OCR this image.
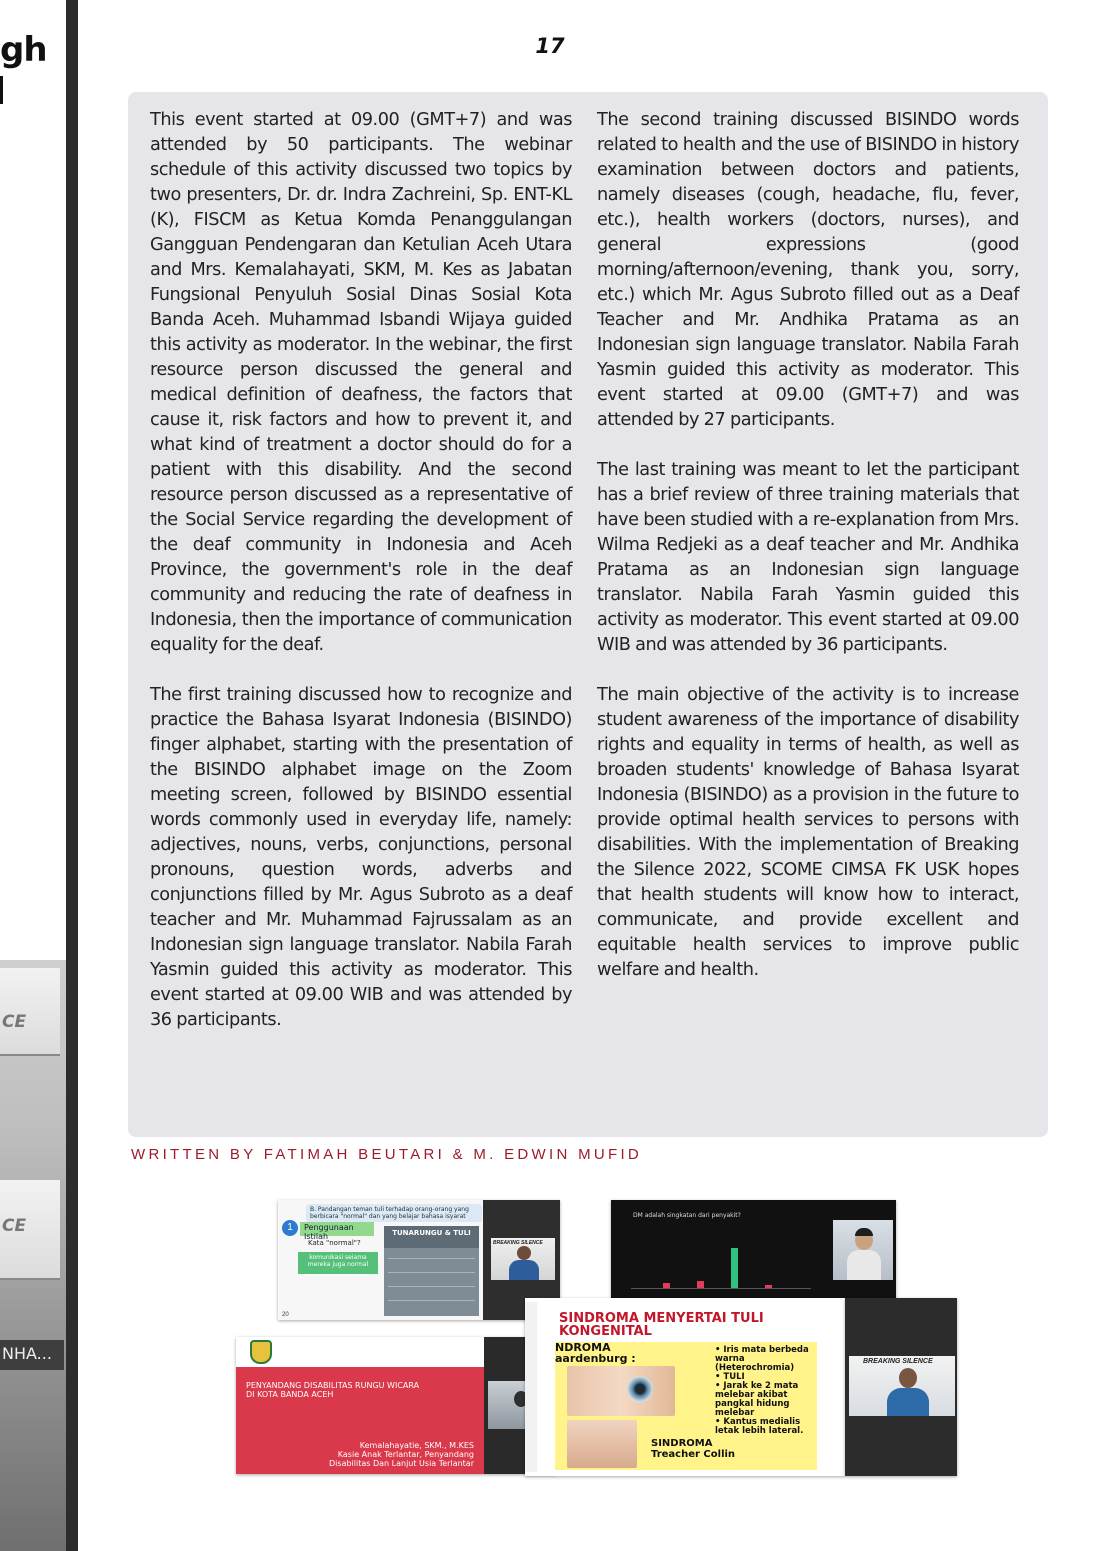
gh
CE
CE
NHA...
17

This event started at 09.00 (GMT+7) and was attended by 50 participants. The webinar schedule of this activity discussed two topics by two presenters, Dr. dr. Indra Zachreini, Sp. ENT-KL (K), FISCM as Ketua Komda Penanggulangan Gangguan Pendengaran dan Ketulian Aceh Utara and Mrs. Kemalahayati, SKM, M. Kes as Jabatan Fungsional Penyuluh Sosial Dinas Sosial Kota Banda Aceh. Muhammad Isbandi Wijaya guided this activity as moderator. In the webinar, the first resource person discussed the general and medical definition of deafness, the factors that cause it, risk factors and how to prevent it, and what kind of treatment a doctor should do for a patient with this disability. And the second resource person discussed as a representative of the Social Service regarding the development of the deaf community in Indonesia and Aceh Province, the government's role in the deaf community and reducing the rate of deafness in Indonesia, then the importance of communication equality for the deaf.

The first training discussed how to recognize and practice the Bahasa Isyarat Indonesia (BISINDO) finger alphabet, starting with the presentation of the BISINDO alphabet image on the Zoom meeting screen, followed by BISINDO essential words commonly used in everyday life, namely: adjectives, nouns, verbs, conjunctions, personal pronouns, question words, adverbs and conjunctions filled by Mr. Agus Subroto as a deaf teacher and Mr. Muhammad Fajrussalam as an Indonesian sign language translator. Nabila Farah Yasmin guided this activity as moderator. This event started at 09.00 WIB and was attended by 36 participants.

The second training discussed BISINDO words related to health and the use of BISINDO in history examination between doctors and patients, namely diseases (cough, headache, flu, fever, etc.), health workers (doctors, nurses), and general expressions (good morning/afternoon/evening, thank you, sorry, etc.) which Mr. Agus Subroto filled out as a Deaf Teacher and Mr. Andhika Pratama as an Indonesian sign language translator. Nabila Farah Yasmin guided this activity as moderator. This event started at 09.00 (GMT+7) and was attended by 27 participants.

The last training was meant to let the participant has a brief review of three training materials that have been studied with a re-explanation from Mrs. Wilma Redjeki as a deaf teacher and Mr. Andhika Pratama as an Indonesian sign language translator. Nabila Farah Yasmin guided this activity as moderator. This event started at 09.00 WIB and was attended by 36 participants.

The main objective of the activity is to increase student awareness of the importance of disability rights and equality in terms of health, as well as broaden students' knowledge of Bahasa Isyarat Indonesia (BISINDO) as a provision in the future to provide optimal health services to persons with disabilities. With the implementation of Breaking the Silence 2022, SCOME CIMSA FK USK hopes that health students will know how to interact, communicate, and provide excellent and equitable health services to improve public welfare and health.

WRITTEN BY FATIMAH BEUTARI & M. EDWIN MUFID
B. Pandangan teman tuli terhadap orang-orang yang berbicara "normal" dan yang belajar bahasa isyarat
1	Penggunaan Istilah
Kata "normal"?
komunikasi seiama mereka juga normal
TUNARUNGU & TULI
20
BREAKING SILENCE
DM adalah singkatan dari penyakit?
PENYANDANG DISABILITAS RUNGU WICARA DI KOTA BANDA ACEH
Kemalahayatie, SKM., M.KES
Kasie Anak Terlantar, Penyandang
Disabilitas Dan Lanjut Usia Terlantar
SINDROMA MENYERTAI TULI
KONGENITAL
NDROMA
aardenburg :
• Iris mata berbeda warna (Heterochromia)
• TULI
• Jarak ke 2 mata melebar akibat pangkal hidung melebar
• Kantus medialis letak lebih lateral.
SINDROMA
Treacher Collin
BREAKING SILENCE
